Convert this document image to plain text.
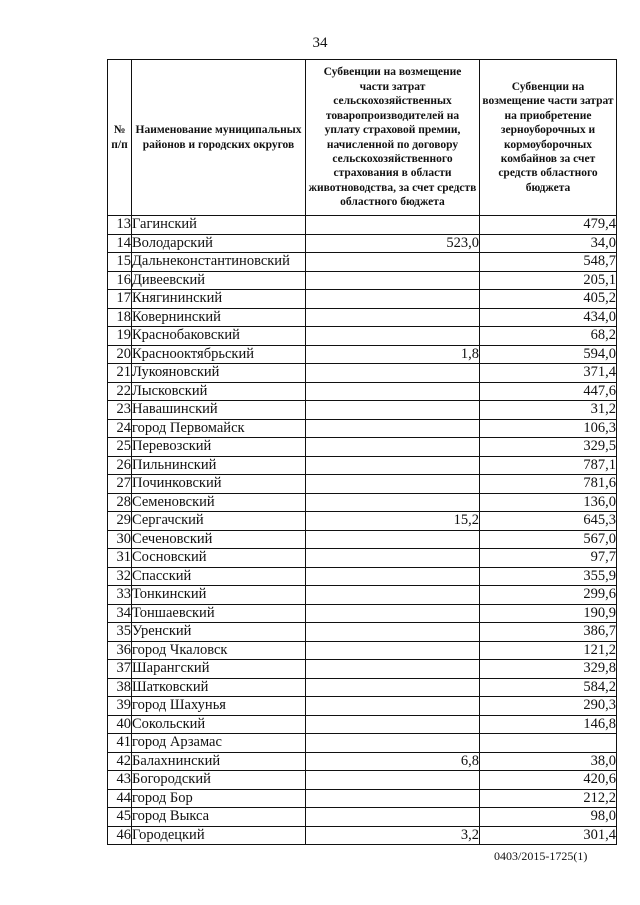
34
№ п/п	Наименование муниципальных районов и городских округов	Субвенции на возмещение части затрат сельскохозяйственных товаропроизводителей на уплату страховой премии, начисленной по договору сельскохозяйственного страхования в области животноводства, за счет средств областного бюджета	Субвенции на возмещение части затрат на приобретение зерноуборочных и кормоуборочных комбайнов за счет средств областного бюджета
13	Гагинский		479,4
14	Володарский	523,0	34,0
15	Дальнеконстантиновский		548,7
16	Дивеевский		205,1
17	Княгининский		405,2
18	Ковернинский		434,0
19	Краснобаковский		68,2
20	Краснооктябрьский	1,8	594,0
21	Лукояновский		371,4
22	Лысковский		447,6
23	Навашинский		31,2
24	город Первомайск		106,3
25	Перевозский		329,5
26	Пильнинский		787,1
27	Починковский		781,6
28	Семеновский		136,0
29	Сергачский	15,2	645,3
30	Сеченовский		567,0
31	Сосновский		97,7
32	Спасский		355,9
33	Тонкинский		299,6
34	Тоншаевский		190,9
35	Уренский		386,7
36	город Чкаловск		121,2
37	Шарангский		329,8
38	Шатковский		584,2
39	город Шахунья		290,3
40	Сокольский		146,8
41	город Арзамас		
42	Балахнинский	6,8	38,0
43	Богородский		420,6
44	город Бор		212,2
45	город Выкса		98,0
46	Городецкий	3,2	301,4
0403/2015-1725(1)
